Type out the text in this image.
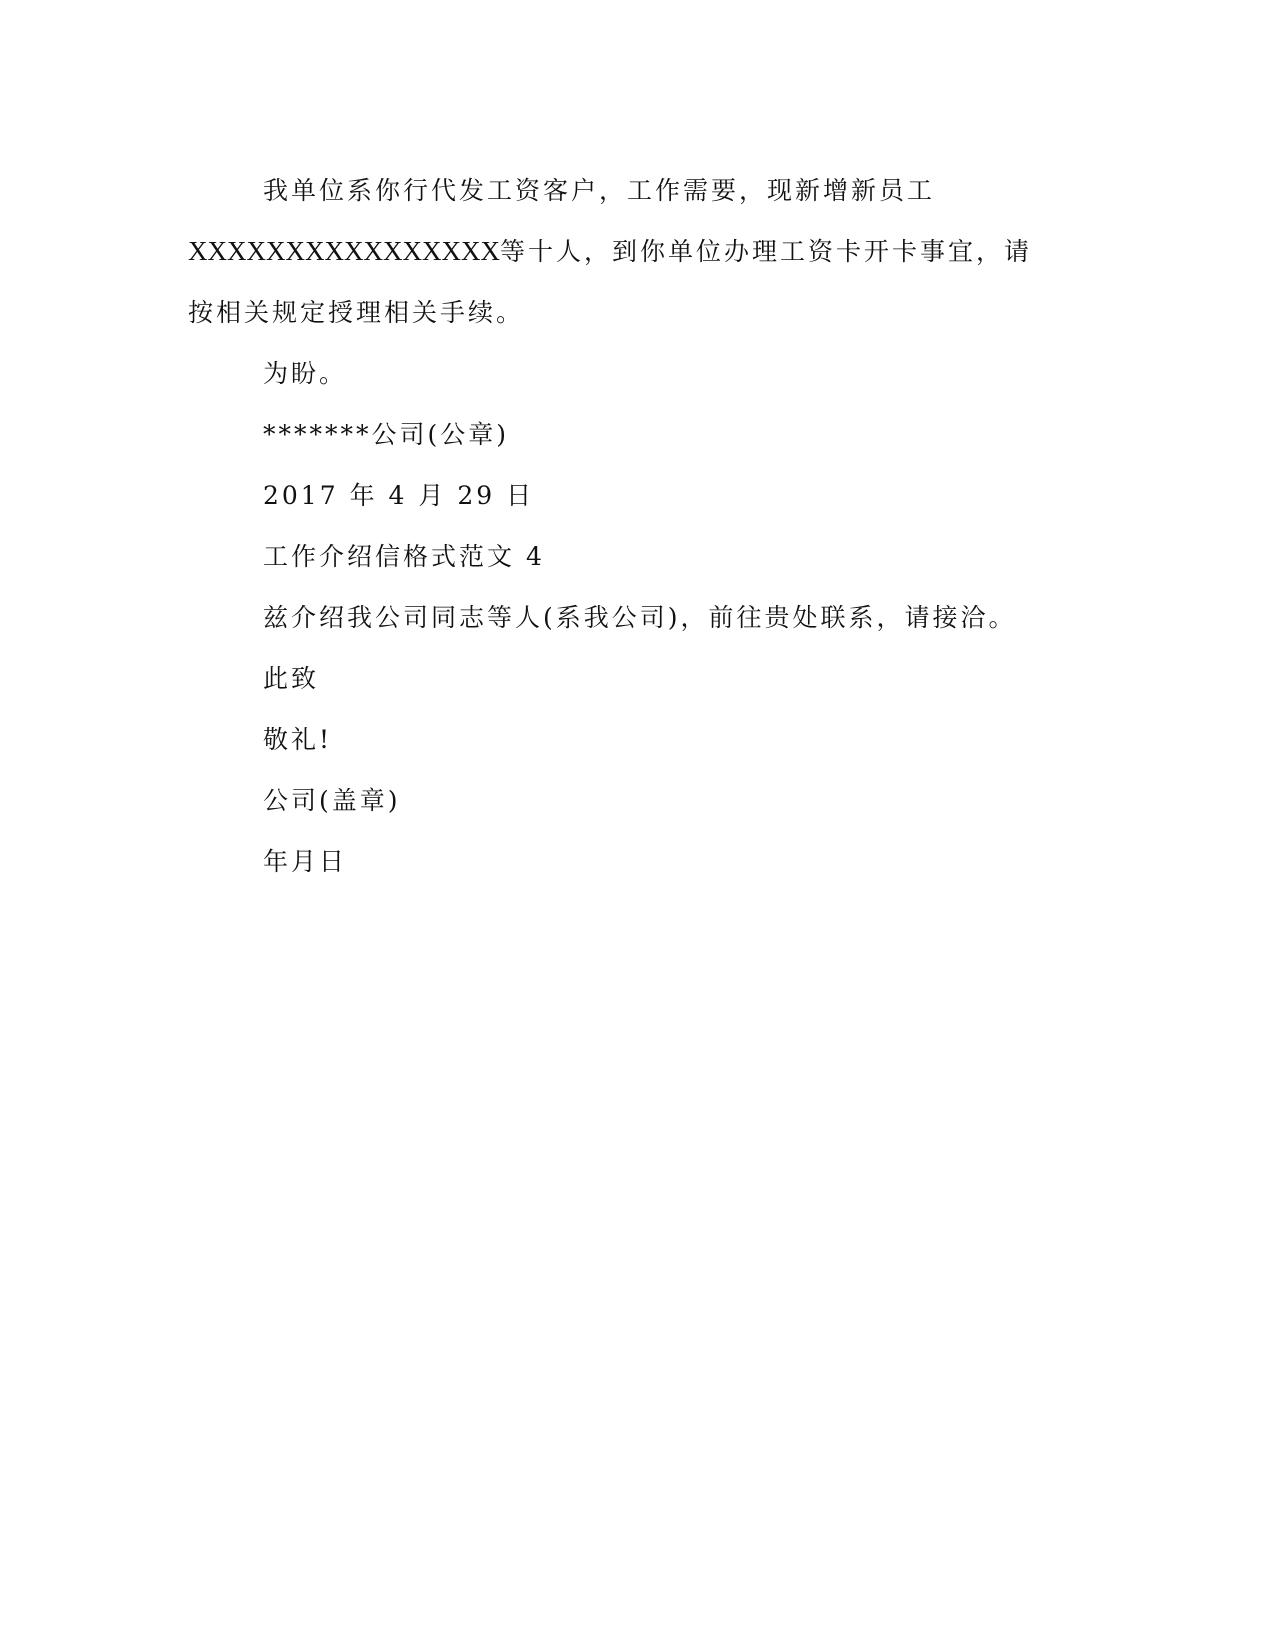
我单位系你行代发工资客户，工作需要，现新增新员工
XXXXXXXXXXXXXXXX等十人，到你单位办理工资卡开卡事宜，请
按相关规定授理相关手续。
为盼。
*******公司(公章)
2017 年 4 月 29 日
工作介绍信格式范文 4
兹介绍我公司同志等人(系我公司)，前往贵处联系，请接洽。
此致
敬礼!
公司(盖章)
年月日
